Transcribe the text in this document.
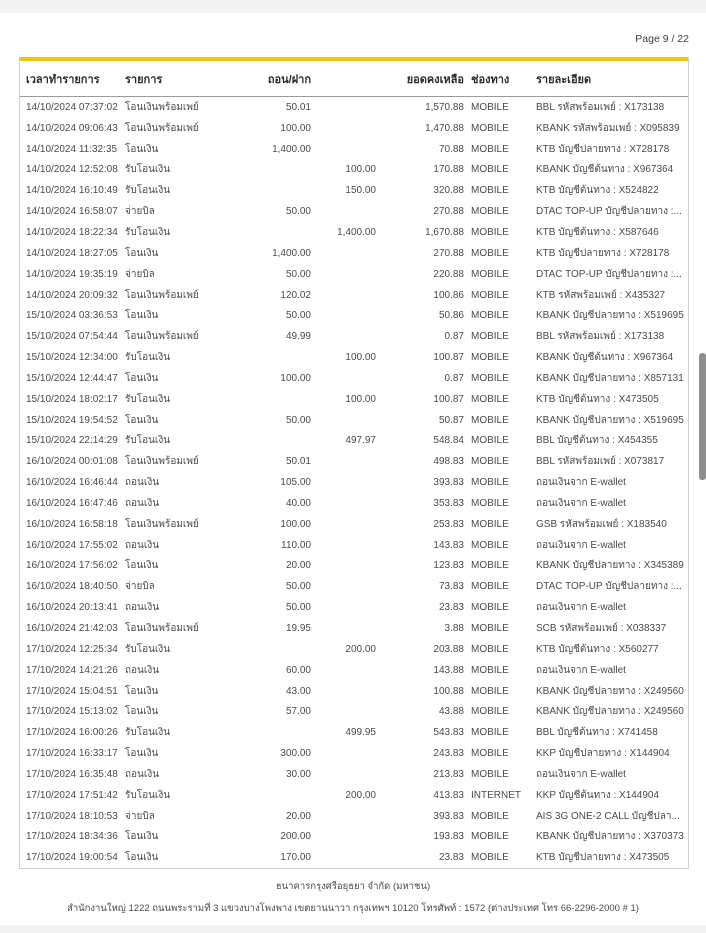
Page 9 / 22
เวลาทำรายการ	รายการ	ถอน/ฝาก	ยอดคงเหลือ ช่องทาง	รายละเอียด
14/10/2024 07:37:02 โอนเงินพร้อมเพย์	50.01	1,570.88 MOBILE	BBL รหัสพร้อมเพย์ : X173138
14/10/2024 09:06:43 โอนเงินพร้อมเพย์	100.00	1,470.88 MOBILE	KBANK รหัสพร้อมเพย์ : X095839
14/10/2024 11:32:35 โอนเงิน	1,400.00	70.88 MOBILE	KTB บัญชีปลายทาง : X728178
14/10/2024 12:52:08 รับโอนเงิน	100.00	170.88 MOBILE	KBANK บัญชีต้นทาง : X967364
14/10/2024 16:10:49 รับโอนเงิน	150.00	320.88 MOBILE	KTB บัญชีต้นทาง : X524822
14/10/2024 16:58:07 จ่ายบิล	50.00	270.88 MOBILE	DTAC TOP-UP บัญชีปลายทาง :...
14/10/2024 18:22:34 รับโอนเงิน	1,400.00	1,670.88 MOBILE	KTB บัญชีต้นทาง : X587646
14/10/2024 18:27:05 โอนเงิน	1,400.00	270.88 MOBILE	KTB บัญชีปลายทาง : X728178
14/10/2024 19:35:19 จ่ายบิล	50.00	220.88 MOBILE	DTAC TOP-UP บัญชีปลายทาง :...
14/10/2024 20:09:32 โอนเงินพร้อมเพย์	120.02	100.86 MOBILE	KTB รหัสพร้อมเพย์ : X435327
15/10/2024 03:36:53 โอนเงิน	50.00	50.86 MOBILE	KBANK บัญชีปลายทาง : X519695
15/10/2024 07:54:44 โอนเงินพร้อมเพย์	49.99	0.87 MOBILE	BBL รหัสพร้อมเพย์ : X173138
15/10/2024 12:34:00 รับโอนเงิน	100.00	100.87 MOBILE	KBANK บัญชีต้นทาง : X967364
15/10/2024 12:44:47 โอนเงิน	100.00	0.87 MOBILE	KBANK บัญชีปลายทาง : X857131
15/10/2024 18:02:17 รับโอนเงิน	100.00	100.87 MOBILE	KTB บัญชีต้นทาง : X473505
15/10/2024 19:54:52 โอนเงิน	50.00	50.87 MOBILE	KBANK บัญชีปลายทาง : X519695
15/10/2024 22:14:29 รับโอนเงิน	497.97	548.84 MOBILE	BBL บัญชีต้นทาง : X454355
16/10/2024 00:01:08 โอนเงินพร้อมเพย์	50.01	498.83 MOBILE	BBL รหัสพร้อมเพย์ : X073817
16/10/2024 16:46:44 ถอนเงิน	105.00	393.83 MOBILE	ถอนเงินจาก E-wallet
16/10/2024 16:47:46 ถอนเงิน	40.00	353.83 MOBILE	ถอนเงินจาก E-wallet
16/10/2024 16:58:18 โอนเงินพร้อมเพย์	100.00	253.83 MOBILE	GSB รหัสพร้อมเพย์ : X183540
16/10/2024 17:55:02 ถอนเงิน	110.00	143.83 MOBILE	ถอนเงินจาก E-wallet
16/10/2024 17:56:02 โอนเงิน	20.00	123.83 MOBILE	KBANK บัญชีปลายทาง : X345389
16/10/2024 18:40:50 จ่ายบิล	50.00	73.83 MOBILE	DTAC TOP-UP บัญชีปลายทาง :...
16/10/2024 20:13:41 ถอนเงิน	50.00	23.83 MOBILE	ถอนเงินจาก E-wallet
16/10/2024 21:42:03 โอนเงินพร้อมเพย์	19.95	3.88 MOBILE	SCB รหัสพร้อมเพย์ : X038337
17/10/2024 12:25:34 รับโอนเงิน	200.00	203.88 MOBILE	KTB บัญชีต้นทาง : X560277
17/10/2024 14:21:26 ถอนเงิน	60.00	143.88 MOBILE	ถอนเงินจาก E-wallet
17/10/2024 15:04:51 โอนเงิน	43.00	100.88 MOBILE	KBANK บัญชีปลายทาง : X249560
17/10/2024 15:13:02 โอนเงิน	57.00	43.88 MOBILE	KBANK บัญชีปลายทาง : X249560
17/10/2024 16:00:26 รับโอนเงิน	499.95	543.83 MOBILE	BBL บัญชีต้นทาง : X741458
17/10/2024 16:33:17 โอนเงิน	300.00	243.83 MOBILE	KKP บัญชีปลายทาง : X144904
17/10/2024 16:35:48 ถอนเงิน	30.00	213.83 MOBILE	ถอนเงินจาก E-wallet
17/10/2024 17:51:42 รับโอนเงิน	200.00	413.83 INTERNET	KKP บัญชีต้นทาง : X144904
17/10/2024 18:10:53 จ่ายบิล	20.00	393.83 MOBILE	AIS 3G ONE-2 CALL บัญชีปลา...
17/10/2024 18:34:36 โอนเงิน	200.00	193.83 MOBILE	KBANK บัญชีปลายทาง : X370373
17/10/2024 19:00:54 โอนเงิน	170.00	23.83 MOBILE	KTB บัญชีปลายทาง : X473505
ธนาคารกรุงศรีอยุธยา จำกัด (มหาชน)
สำนักงานใหญ่ 1222 ถนนพระรามที่ 3 แขวงบางโพงพาง เขตยานนาวา กรุงเทพฯ 10120 โทรศัพท์ : 1572 (ต่างประเทศ โทร 66-2296-2000 # 1)
